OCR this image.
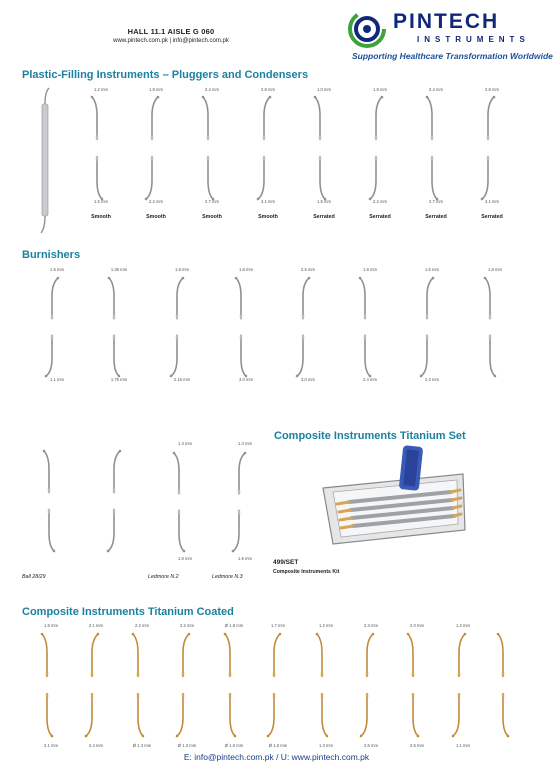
HALL 11.1 AISLE G 060
www.pintech.com.pk | info@pintech.com.pk
PINTECH
INSTRUMENTS
Supporting Healthcare Transformation Worldwide
Plastic-Filling Instruments – Pluggers and Condensers
1.2 mm
1.5 mm
Smooth
1.9 mm
2.2 mm
Smooth
2.4 mm
2.7 mm
Smooth
2.8 mm
3.1 mm
Smooth
1.0 mm
1.5 mm
Serrated
1.9 mm
2.2 mm
Serrated
2.4 mm
2.7 mm
Serrated
2.8 mm
3.1 mm
Serrated
Burnishers
1.5 mm
1.1 mm
1.35 mm
1.75 mm
1.9 mm
2.15 mm
1.8 mm
3.0 mm
2.5 mm
3.0 mm
1.8 mm
2.4 mm
1.5 mm
2.3 mm
1.8 mm
1.3 mm	1.3 mm
1.9 mm	1.9 mm
Ball 28/29	Ledmore N.2	Ledmore N.3
Composite Instruments Titanium Set
499/SET
Composite Instruments Kit
Composite Instruments Titanium Coated
1.9 mm
2.1 mm
2.1 mm
2.4 mm
2.2 mm
Ø 1.3 mm
2.2 mm
Ø 1.3 mm
Ø 1.8 mm
Ø 1.0 mm
1.7 mm
Ø 1.0 mm
1.2 mm
1.3 mm
2.3 mm
2.5 mm
2.0 mm
2.5 mm
1.2 mm
1.1 mm
E: info@pintech.com.pk / U: www.pintech.com.pk
